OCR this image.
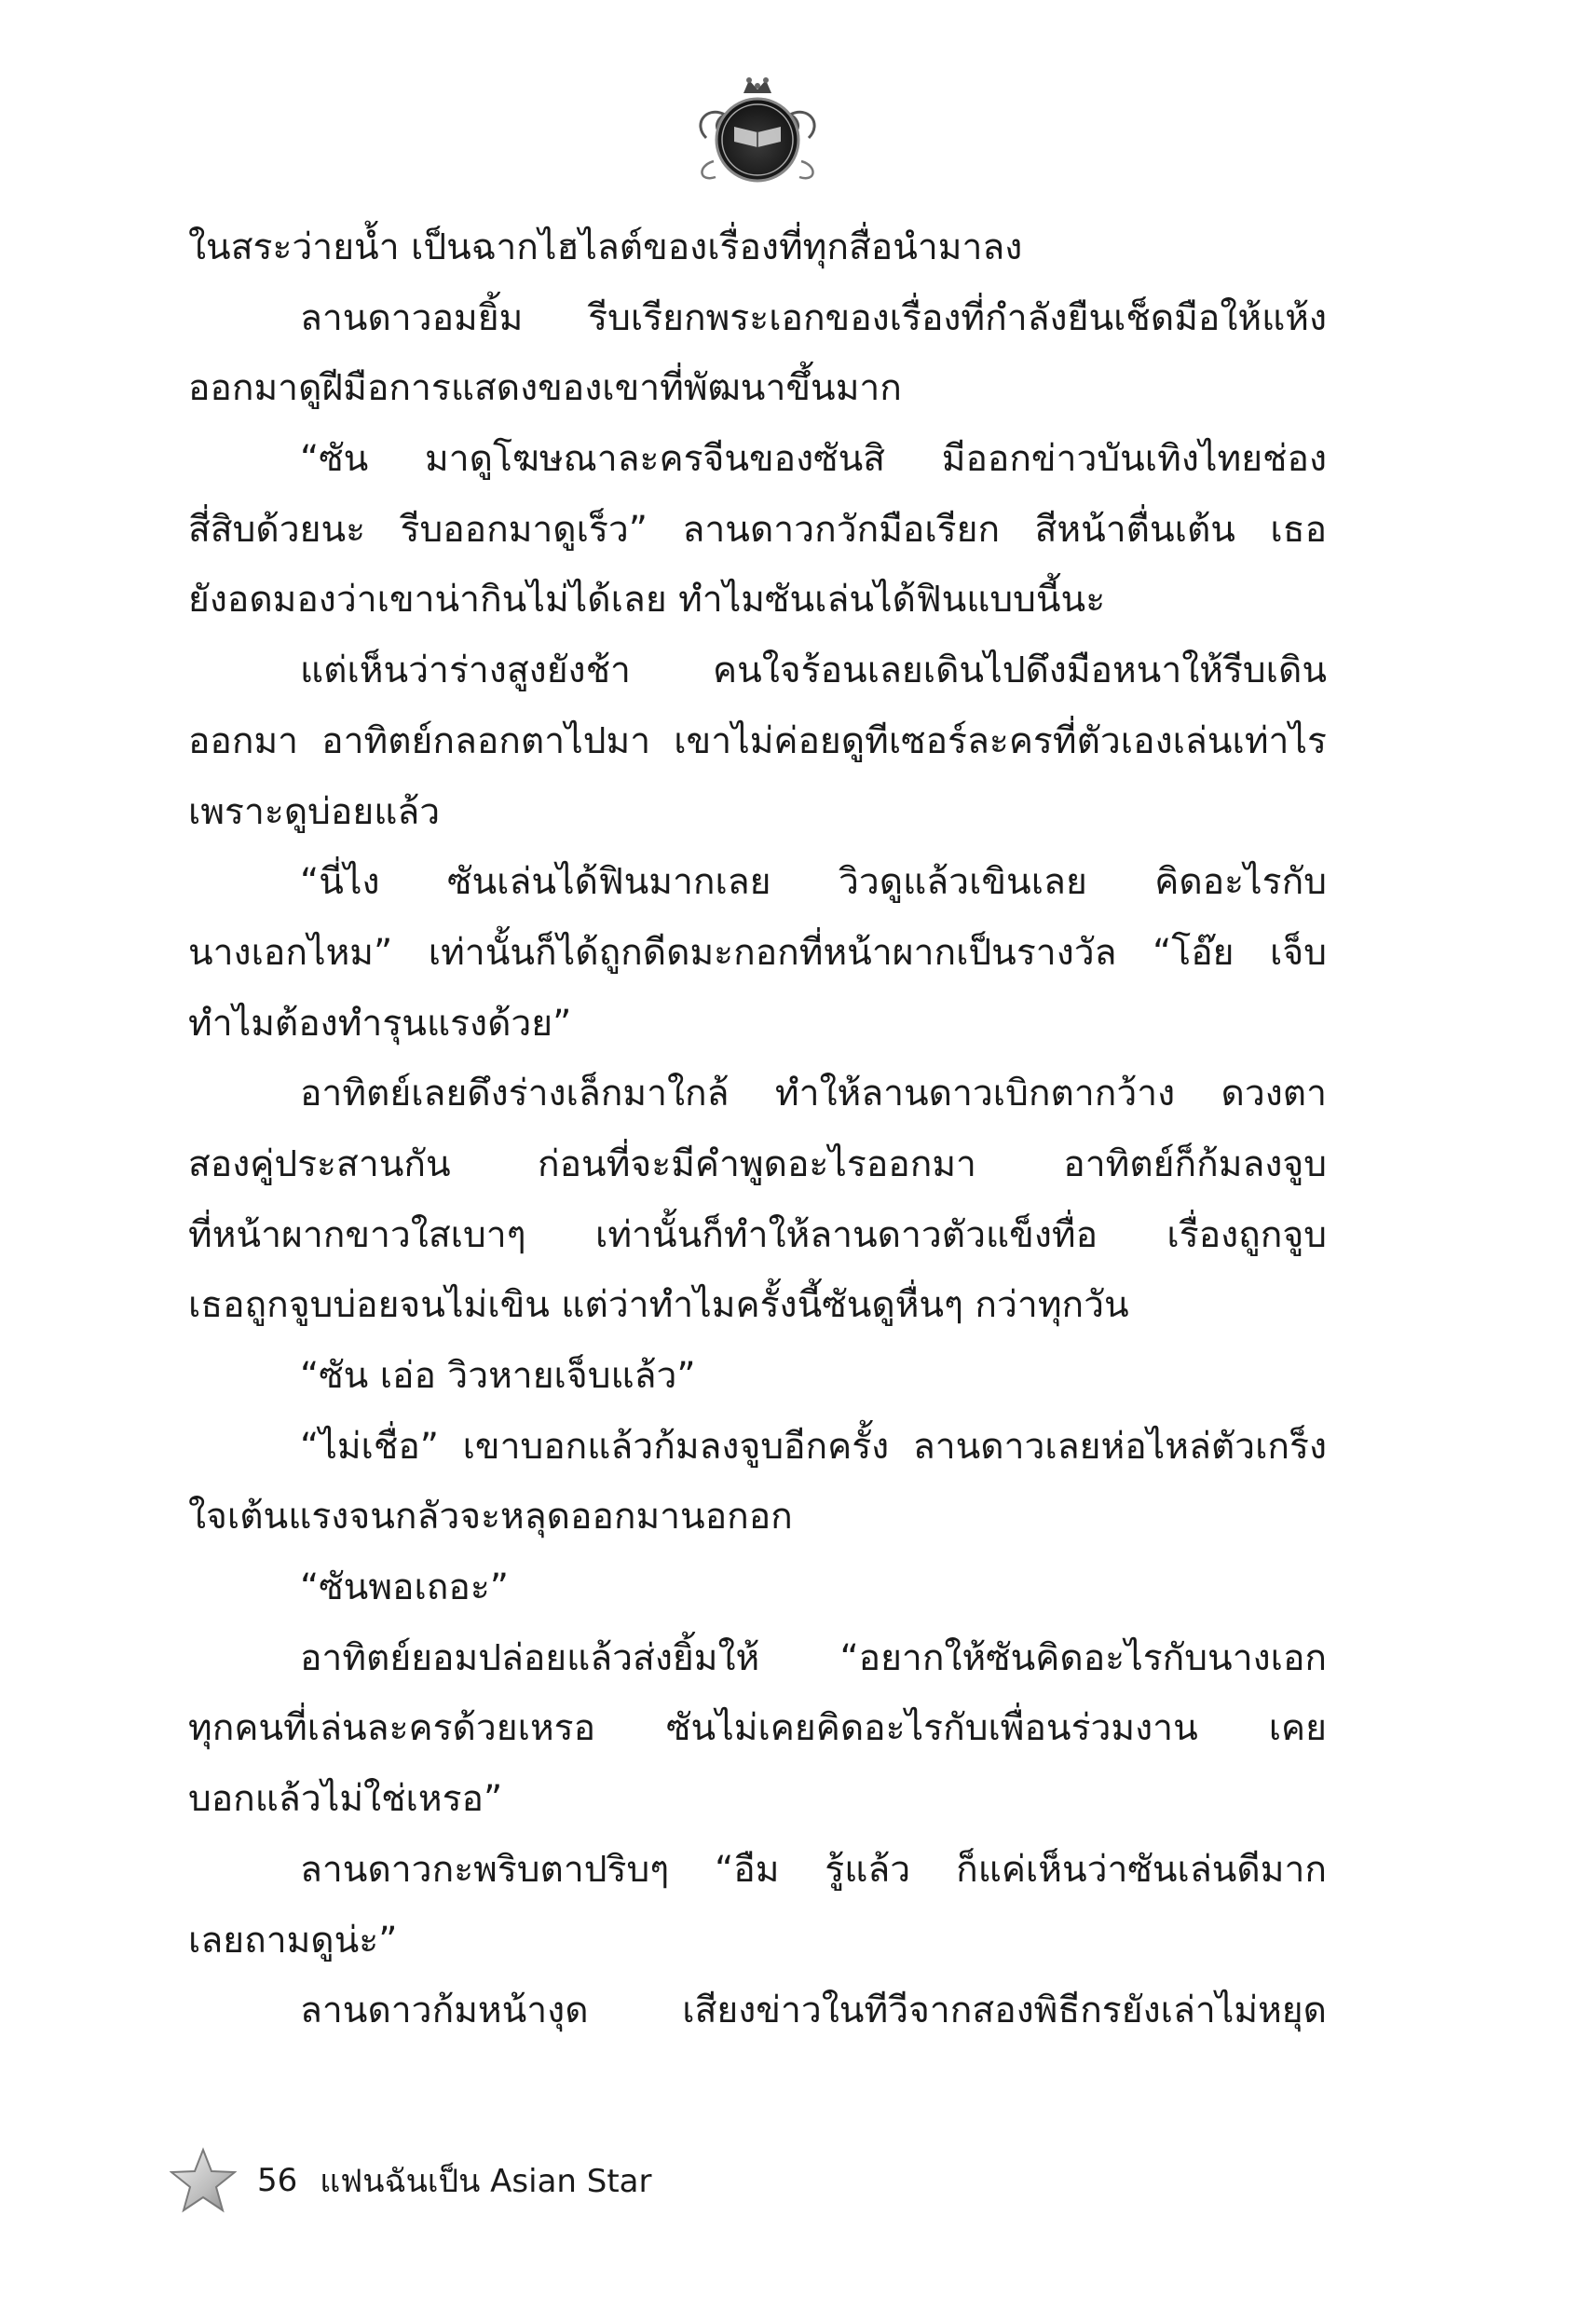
ในสระว่ายน้ำ เป็นฉากไฮไลต์ของเรื่องที่ทุกสื่อนำมาลง
ลานดาวอมยิ้ม รีบเรียกพระเอกของเรื่องที่กำลังยืนเช็ดมือให้แห้ง
ออกมาดูฝีมือการแสดงของเขาที่พัฒนาขึ้นมาก
“ซัน มาดูโฆษณาละครจีนของซันสิ มีออกข่าวบันเทิงไทยช่อง
สี่สิบด้วยนะ รีบออกมาดูเร็ว” ลานดาวกวักมือเรียก สีหน้าตื่นเต้น เธอ
ยังอดมองว่าเขาน่ากินไม่ได้เลย ทำไมซันเล่นได้ฟินแบบนี้นะ
แต่เห็นว่าร่างสูงยังช้า คนใจร้อนเลยเดินไปดึงมือหนาให้รีบเดิน
ออกมา อาทิตย์กลอกตาไปมา เขาไม่ค่อยดูทีเซอร์ละครที่ตัวเองเล่นเท่าไร
เพราะดูบ่อยแล้ว
“นี่ไง ซันเล่นได้ฟินมากเลย วิวดูแล้วเขินเลย คิดอะไรกับ
นางเอกไหม” เท่านั้นก็ได้ถูกดีดมะกอกที่หน้าผากเป็นรางวัล “โอ๊ย เจ็บ
ทำไมต้องทำรุนแรงด้วย”
อาทิตย์เลยดึงร่างเล็กมาใกล้ ทำให้ลานดาวเบิกตากว้าง ดวงตา
สองคู่ประสานกัน ก่อนที่จะมีคำพูดอะไรออกมา อาทิตย์ก็ก้มลงจูบ
ที่หน้าผากขาวใสเบาๆ เท่านั้นก็ทำให้ลานดาวตัวแข็งทื่อ เรื่องถูกจูบ
เธอถูกจูบบ่อยจนไม่เขิน แต่ว่าทำไมครั้งนี้ซันดูหื่นๆ กว่าทุกวัน
“ซัน เอ่อ วิวหายเจ็บแล้ว”
“ไม่เชื่อ” เขาบอกแล้วก้มลงจูบอีกครั้ง ลานดาวเลยห่อไหล่ตัวเกร็ง
ใจเต้นแรงจนกลัวจะหลุดออกมานอกอก
“ซันพอเถอะ”
อาทิตย์ยอมปล่อยแล้วส่งยิ้มให้ “อยากให้ซันคิดอะไรกับนางเอก
ทุกคนที่เล่นละครด้วยเหรอ ซันไม่เคยคิดอะไรกับเพื่อนร่วมงาน เคย
บอกแล้วไม่ใช่เหรอ”
ลานดาวกะพริบตาปริบๆ “อืม รู้แล้ว ก็แค่เห็นว่าซันเล่นดีมาก
เลยถามดูน่ะ”
ลานดาวก้มหน้างุด เสียงข่าวในทีวีจากสองพิธีกรยังเล่าไม่หยุด
56 แฟนฉันเป็น Asian Star
